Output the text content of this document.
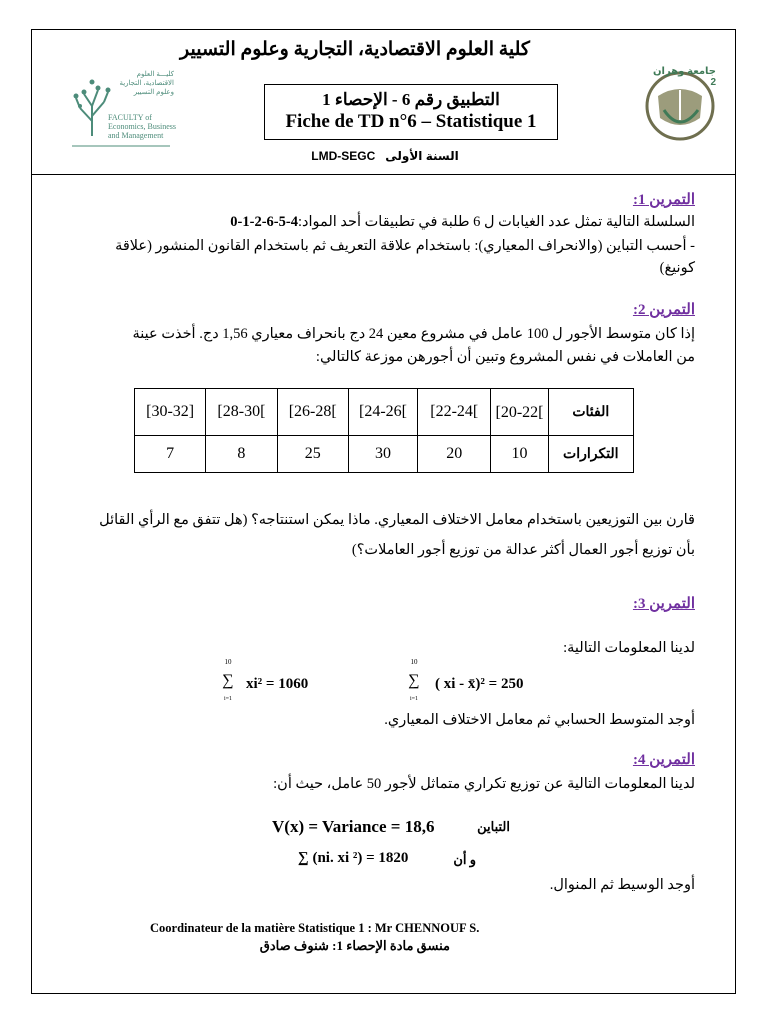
كلية العلوم الاقتصادية، التجارية وعلوم التسيير
كليـــة العلوم الاقتصادية، التجارية وعلوم التسيير
FACULTY of Economics, Business and Management
التطبيق رقم 6 - الإحصاء 1
Fiche de TD n°6 – Statistique 1
جامعة وهران 2
السنة الأولى
LMD-SEGC
التمرين 1:
السلسلة التالية تمثل عدد الغيابات ل 6 طلبة في تطبيقات أحد المواد:4-5-6-2-1-0
- أحسب التباين (والانحراف المعياري): باستخدام علاقة التعريف ثم باستخدام القانون المنشور (علاقة
كونيغ)
التمرين 2:
إذا كان متوسط الأجور ل 100 عامل في مشروع معين 24 دج بانحراف معياري 1,56 دج. أخذت عينة
من العاملات في نفس المشروع وتبين أن أجورهن موزعة كالتالي:
[30-32]	[28-30[	[26-28[	[24-26[	[22-24[	[20-22[	الفئات
7	8	25	30	20	10	التكرارات
قارن بين التوزيعين باستخدام معامل الاختلاف المعياري. ماذا يمكن استنتاجه؟ (هل تتفق مع الرأي القائل
بأن توزيع أجور العمال أكثر عدالة من توزيع أجور العاملات؟)
التمرين 3:
لدينا المعلومات التالية:
10
∑
i=1
xi² = 1060
10
∑
i=1
( xi - x̄)² = 250
أوجد المتوسط الحسابي ثم معامل الاختلاف المعياري.
التمرين 4:
لدينا المعلومات التالية عن توزيع تكراري متماثل لأجور 50 عامل، حيث أن:
V(x) = Variance = 18,6	التباين
∑ (ni. xi ²) = 1820	و أن
أوجد الوسيط ثم المنوال.
Coordinateur de la matière Statistique 1 : Mr CHENNOUF S.
منسق مادة الإحصاء 1: شنوف صادق
